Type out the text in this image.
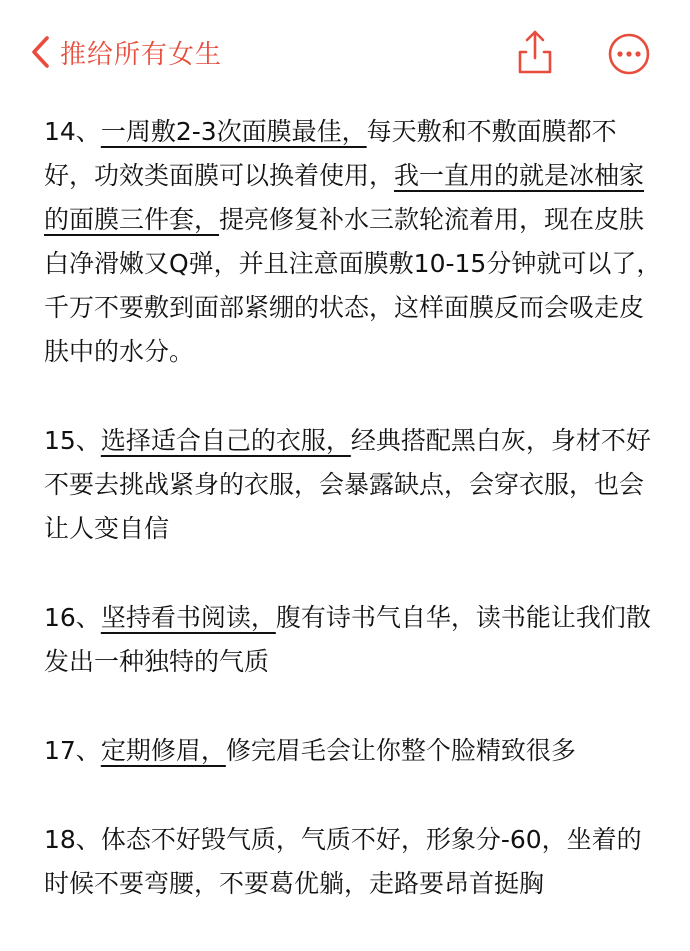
推给所有女生

14、一周敷2-3次面膜最佳，每天敷和不敷面膜都不好，功效类面膜可以换着使用，我一直用的就是冰柚家的面膜三件套，提亮修复补水三款轮流着用，现在皮肤白净滑嫩又Q弹，并且注意面膜敷10-15分钟就可以了，千万不要敷到面部紧绷的状态，这样面膜反而会吸走皮肤中的水分。

15、选择适合自己的衣服，经典搭配黑白灰，身材不好不要去挑战紧身的衣服，会暴露缺点，会穿衣服，也会让人变自信

16、坚持看书阅读，腹有诗书气自华，读书能让我们散发出一种独特的气质

17、定期修眉，修完眉毛会让你整个脸精致很多

18、体态不好毁气质，气质不好，形象分-60，坐着的时候不要弯腰，不要葛优躺，走路要昂首挺胸
